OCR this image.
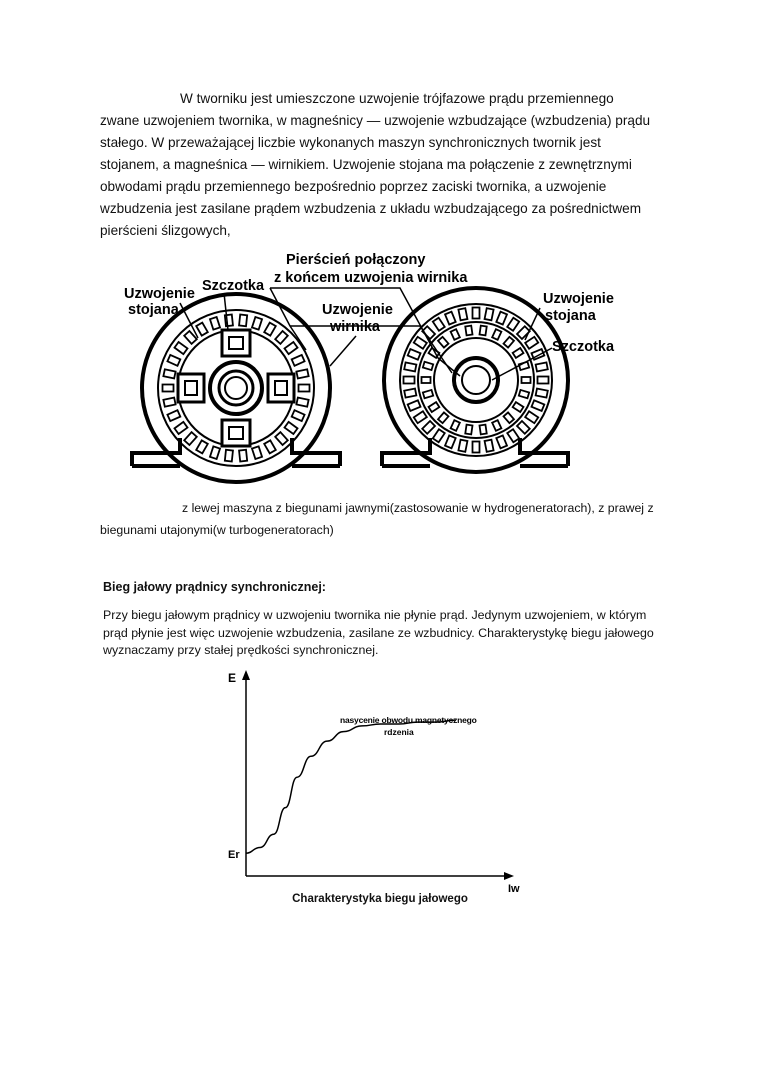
W tworniku jest umieszczone uzwojenie trójfazowe prądu przemiennego
zwane uzwojeniem twornika, w magneśnicy — uzwojenie wzbudzające (wzbudzenia) prądu
stałego. W przeważającej liczbie wykonanych maszyn synchronicznych twornik jest
stojanem, a magneśnica — wirnikiem. Uzwojenie stojana ma połączenie z zewnętrznymi
obwodami prądu przemiennego bezpośrednio poprzez zaciski twornika, a uzwojenie
wzbudzenia jest zasilane prądem wzbudzenia z układu wzbudzającego za pośrednictwem
pierścieni ślizgowych,
Pierścień połączony
z końcem uzwojenia wirnika
Uzwojenie
wirnika
Uzwojenie
stojana
Szczotka
Uzwojenie
stojana
Szczotka
z lewej maszyna z biegunami jawnymi(zastosowanie w hydrogeneratorach), z prawej z
biegunami utajonymi(w turbogeneratorach)
Bieg jałowy prądnicy synchronicznej:
Przy biegu jałowym prądnicy w uzwojeniu twornika nie płynie prąd. Jedynym uzwojeniem, w którym
prąd płynie jest więc uzwojenie wzbudzenia, zasilane ze wzbudnicy. Charakterystykę biegu jałowego
wyznaczamy przy stałej prędkości synchronicznej.
E
Iw
Er
nasycenie obwodu magnetycznego
rdzenia
Charakterystyka biegu jałowego
